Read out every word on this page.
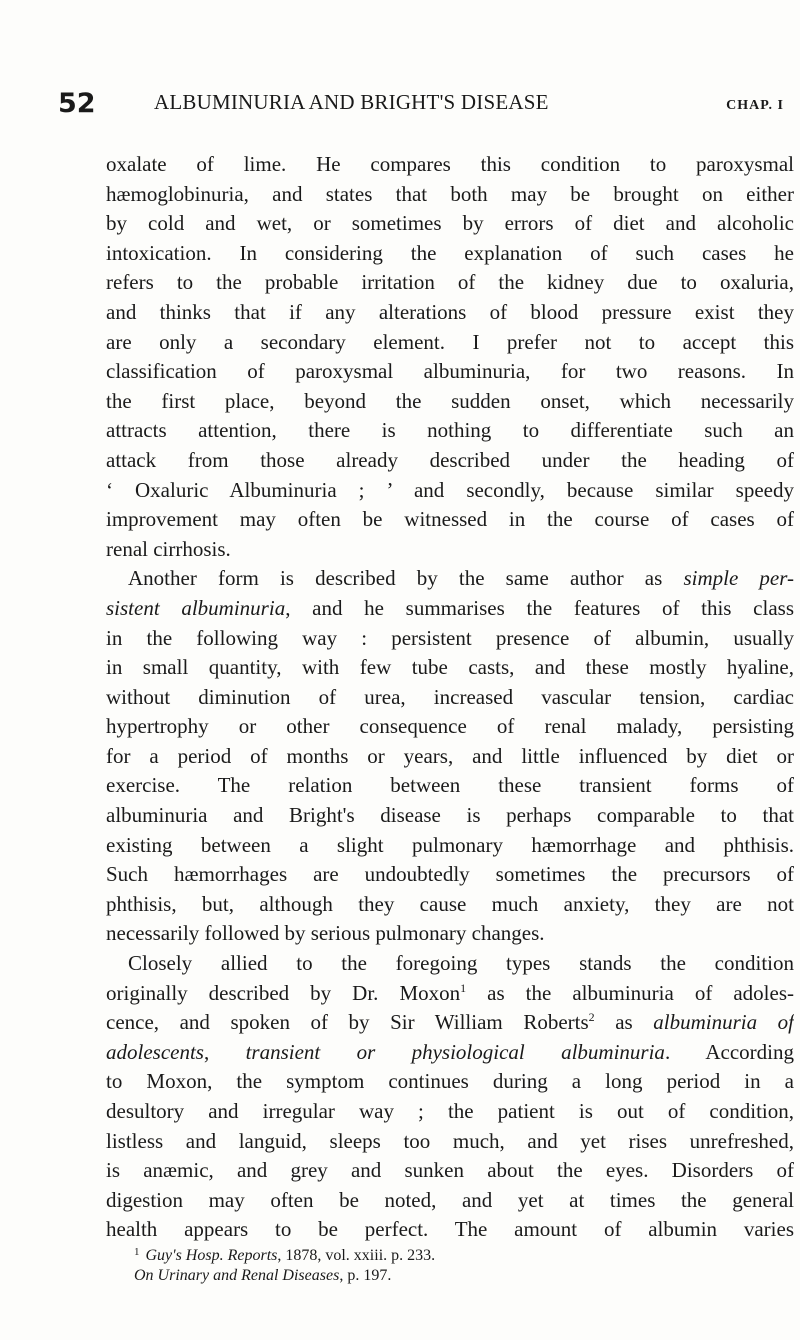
52	ALBUMINURIA AND BRIGHT'S DISEASE	CHAP. I
oxalate of lime. He compares this condition to paroxysmal
hæmoglobinuria, and states that both may be brought on either
by cold and wet, or sometimes by errors of diet and alcoholic
intoxication. In considering the explanation of such cases he
refers to the probable irritation of the kidney due to oxaluria,
and thinks that if any alterations of blood pressure exist they
are only a secondary element. I prefer not to accept this
classification of paroxysmal albuminuria, for two reasons. In
the first place, beyond the sudden onset, which necessarily
attracts attention, there is nothing to differentiate such an
attack from those already described under the heading of
‘ Oxaluric Albuminuria ; ’ and secondly, because similar speedy
improvement may often be witnessed in the course of cases of
renal cirrhosis.
Another form is described by the same author as simple per-
sistent albuminuria, and he summarises the features of this class
in the following way : persistent presence of albumin, usually
in small quantity, with few tube casts, and these mostly hyaline,
without diminution of urea, increased vascular tension, cardiac
hypertrophy or other consequence of renal malady, persisting
for a period of months or years, and little influenced by diet or
exercise. The relation between these transient forms of
albuminuria and Bright's disease is perhaps comparable to that
existing between a slight pulmonary hæmorrhage and phthisis.
Such hæmorrhages are undoubtedly sometimes the precursors of
phthisis, but, although they cause much anxiety, they are not
necessarily followed by serious pulmonary changes.
Closely allied to the foregoing types stands the condition
originally described by Dr. Moxon$^1$ as the albuminuria of adoles-
cence, and spoken of by Sir William Roberts$^2$ as albuminuria of
adolescents, transient or physiological albuminuria. According
to Moxon, the symptom continues during a long period in a
desultory and irregular way ; the patient is out of condition,
listless and languid, sleeps too much, and yet rises unrefreshed,
is anæmic, and grey and sunken about the eyes. Disorders of
digestion may often be noted, and yet at times the general
health appears to be perfect. The amount of albumin varies
$^1$ Guy's Hosp. Reports, 1878, vol. xxiii. p. 233.
On Urinary and Renal Diseases, p. 197.
